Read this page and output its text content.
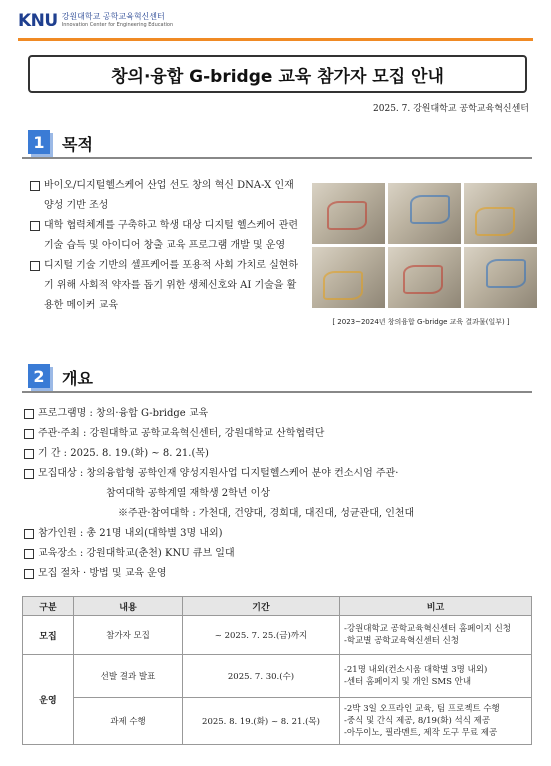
KNU 강원대학교 공학교육혁신센터
Innovation Center for Engineering Education
창의·융합 G-bridge 교육 참가자 모집 안내
2025. 7. 강원대학교 공학교육혁신센터
1	목적
바이오/디지털헬스케어 산업 선도 창의 혁신 DNA-X 인재 양성 기반 조성
대학 협력체계를 구축하고 학생 대상 디지털 헬스케어 관련 기술 습득 및 아이디어 창출 교육 프로그램 개발 및 운영
디지털 기술 기반의 셀프케어를 포용적 사회 가치로 실현하기 위해 사회적 약자를 돕기 위한 생체신호와 AI 기술을 활용한 메이커 교육
[ 2023~2024년 창의융합 G-bridge 교육 결과물(일부) ]
2	개요
프로그램명 : 창의·융합 G-bridge 교육
주관·주최 : 강원대학교 공학교육혁신센터, 강원대학교 산학협력단
기 간 : 2025. 8. 19.(화) ~ 8. 21.(목)
모집대상 : 창의융합형 공학인재 양성지원사업 디지털헬스케어 분야 컨소시엄 주관·
참여대학 공학계열 재학생 2학년 이상
※주관·참여대학 : 가천대, 건양대, 경희대, 대진대, 성균관대, 인천대
참가인원 : 총 21명 내외(대학별 3명 내외)
교육장소 : 강원대학교(춘천) KNU 큐브 일대
모집 절차 · 방법 및 교육 운영
구분	내용	기간	비고
모집	참가자 모집	~ 2025. 7. 25.(금)까지	-강원대학교 공학교육혁신센터 홈페이지 신청
-학교별 공학교육혁신센터 신청

운영	선발 결과 발표	2025. 7. 30.(수)	-21명 내외(컨소시움 대학별 3명 내외)
-센터 홈페이지 및 개인 SMS 안내

	과제 수행	2025. 8. 19.(화) ~ 8. 21.(목)	-2박 3일 오프라인 교육, 팀 프로젝트 수행
-중식 및 간식 제공, 8/19(화) 석식 제공
-아두이노, 필라멘트, 제작 도구 무료 제공
